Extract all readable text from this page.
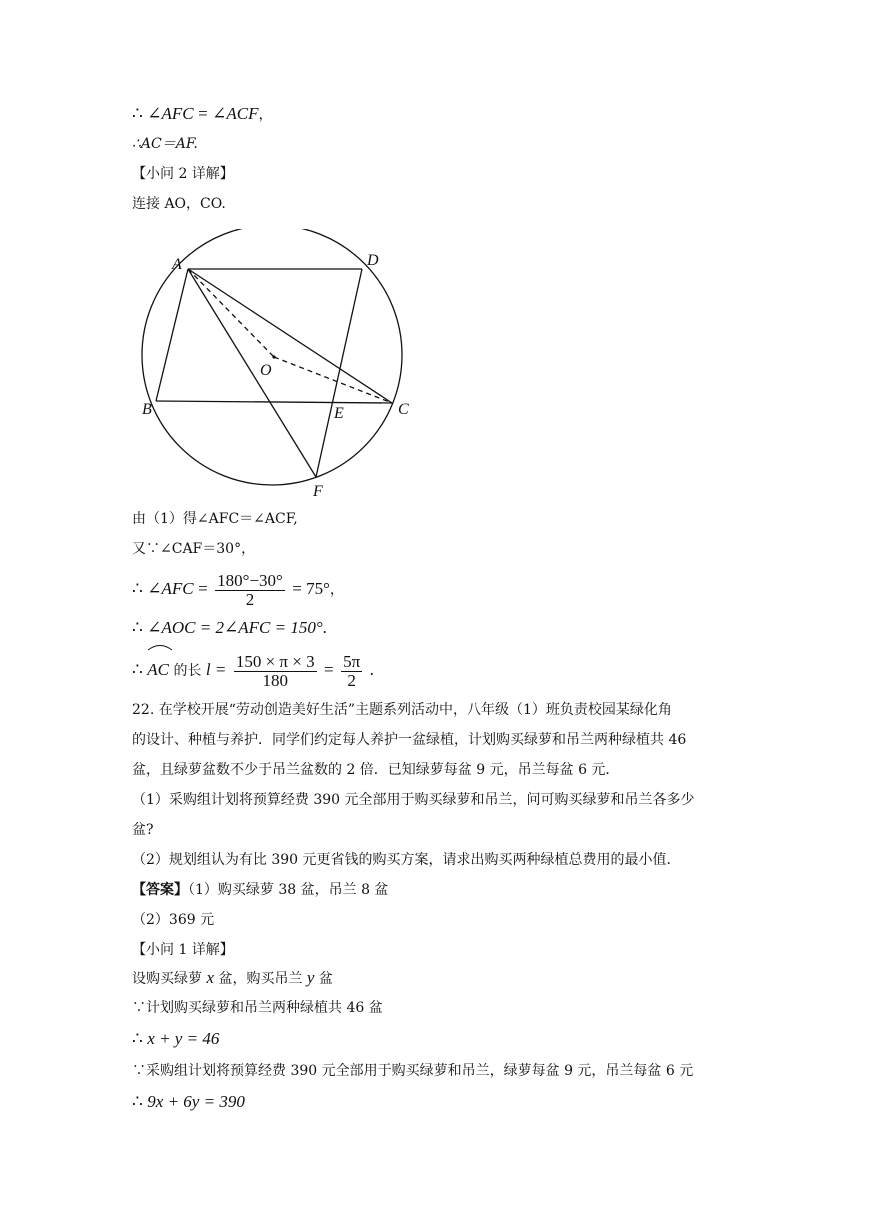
∴ ∠AFC = ∠ACF，
∴AC＝AF.
【小问 2 详解】
连接 AO，CO.
A	D
O
B	E	C
F
由（1）得∠AFC＝∠ACF,
又∵∠CAF＝30°，
∴ ∠AFC = $\frac{180^\circ-30^\circ}{2} = 75^\circ$，
∴ ∠AOC = 2∠AFC = 150°.
∴ AC 的长 $l = \frac{150 \times \pi \times 3}{180} = \frac{5\pi}{2}$ .
22. 在学校开展“劳动创造美好生活”主题系列活动中，八年级（1）班负责校园某绿化角
的设计、种植与养护．同学们约定每人养护一盆绿植，计划购买绿萝和吊兰两种绿植共 46
盆，且绿萝盆数不少于吊兰盆数的 2 倍．已知绿萝每盆 9 元，吊兰每盆 6 元．
（1）采购组计划将预算经费 390 元全部用于购买绿萝和吊兰，问可购买绿萝和吊兰各多少
盆?
（2）规划组认为有比 390 元更省钱的购买方案，请求出购买两种绿植总费用的最小值．
【答案】（1）购买绿萝 38 盆，吊兰 8 盆
（2）369 元
【小问 1 详解】
设购买绿萝 x 盆，购买吊兰 y 盆
∵计划购买绿萝和吊兰两种绿植共 46 盆
∴ x + y = 46
∵采购组计划将预算经费 390 元全部用于购买绿萝和吊兰，绿萝每盆 9 元，吊兰每盆 6 元
∴ 9x + 6y = 390
